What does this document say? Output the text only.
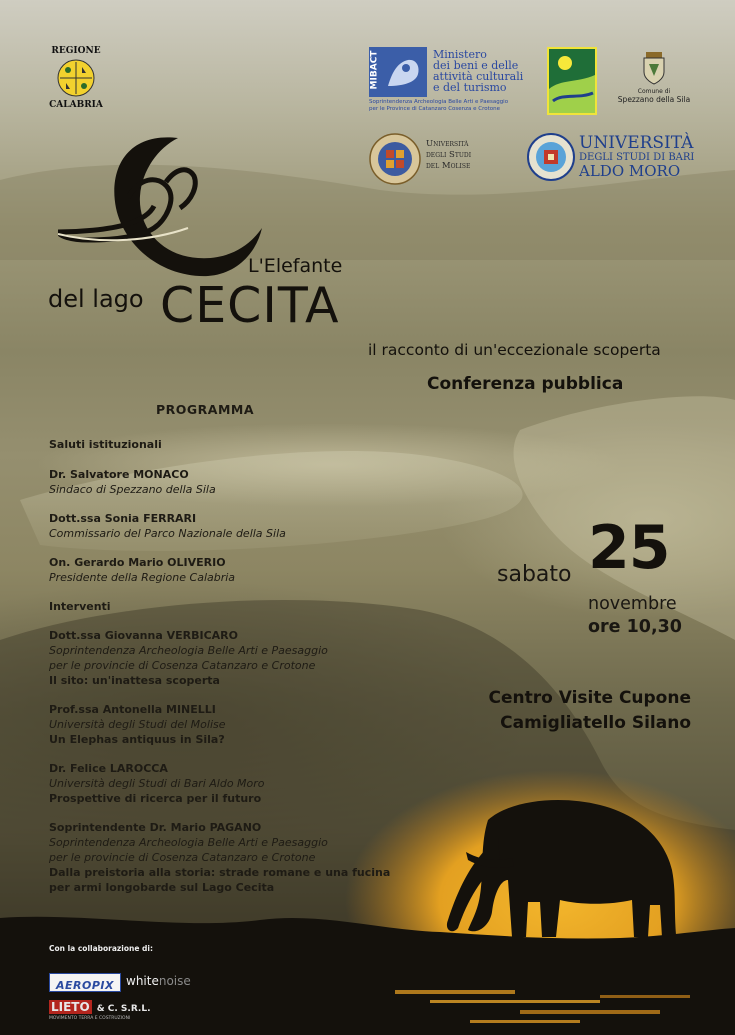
REGIONE
CALABRIA
MIBACT	Ministero
dei beni e delle
attività culturali
e del turismo
Soprintendenza Archeologia Belle Arti e Paesaggio
per le Province di Catanzaro Cosenza e Crotone
Comune di
Spezzano della Sila
Università
degli Studi
del Molise
UNIVERSITÀ
DEGLI STUDI DI BARI
ALDO MORO
L'Elefante
del lago CECITA
il racconto di un'eccezionale scoperta
Conferenza pubblica
PROGRAMMA
Saluti istituzionali
Dr. Salvatore MONACO
Sindaco di Spezzano della Sila
Dott.ssa Sonia FERRARI
Commissario del Parco Nazionale della Sila
On. Gerardo Mario OLIVERIO
Presidente della Regione Calabria
Interventi
Dott.ssa Giovanna VERBICARO
Soprintendenza Archeologia Belle Arti e Paesaggio
per le provincie di Cosenza Catanzaro e Crotone
Il sito: un'inattesa scoperta
Prof.ssa Antonella MINELLI
Università degli Studi del Molise
Un Elephas antiquus in Sila?
Dr. Felice LAROCCA
Università degli Studi di Bari Aldo Moro
Prospettive di ricerca per il futuro
Soprintendente Dr. Mario PAGANO
Soprintendenza Archeologia Belle Arti e Paesaggio
per le provincie di Cosenza Catanzaro e Crotone
Dalla preistoria alla storia: strade romane e una fucina
per armi longobarde sul Lago Cecita
sabato 25
novembre
ore 10,30
Centro Visite Cupone
Camigliatello Silano
Con la collaborazione di:
AEROPIX	whitenoise
LIETO & C. S.R.L.
MOVIMENTO TERRA E COSTRUZIONI
